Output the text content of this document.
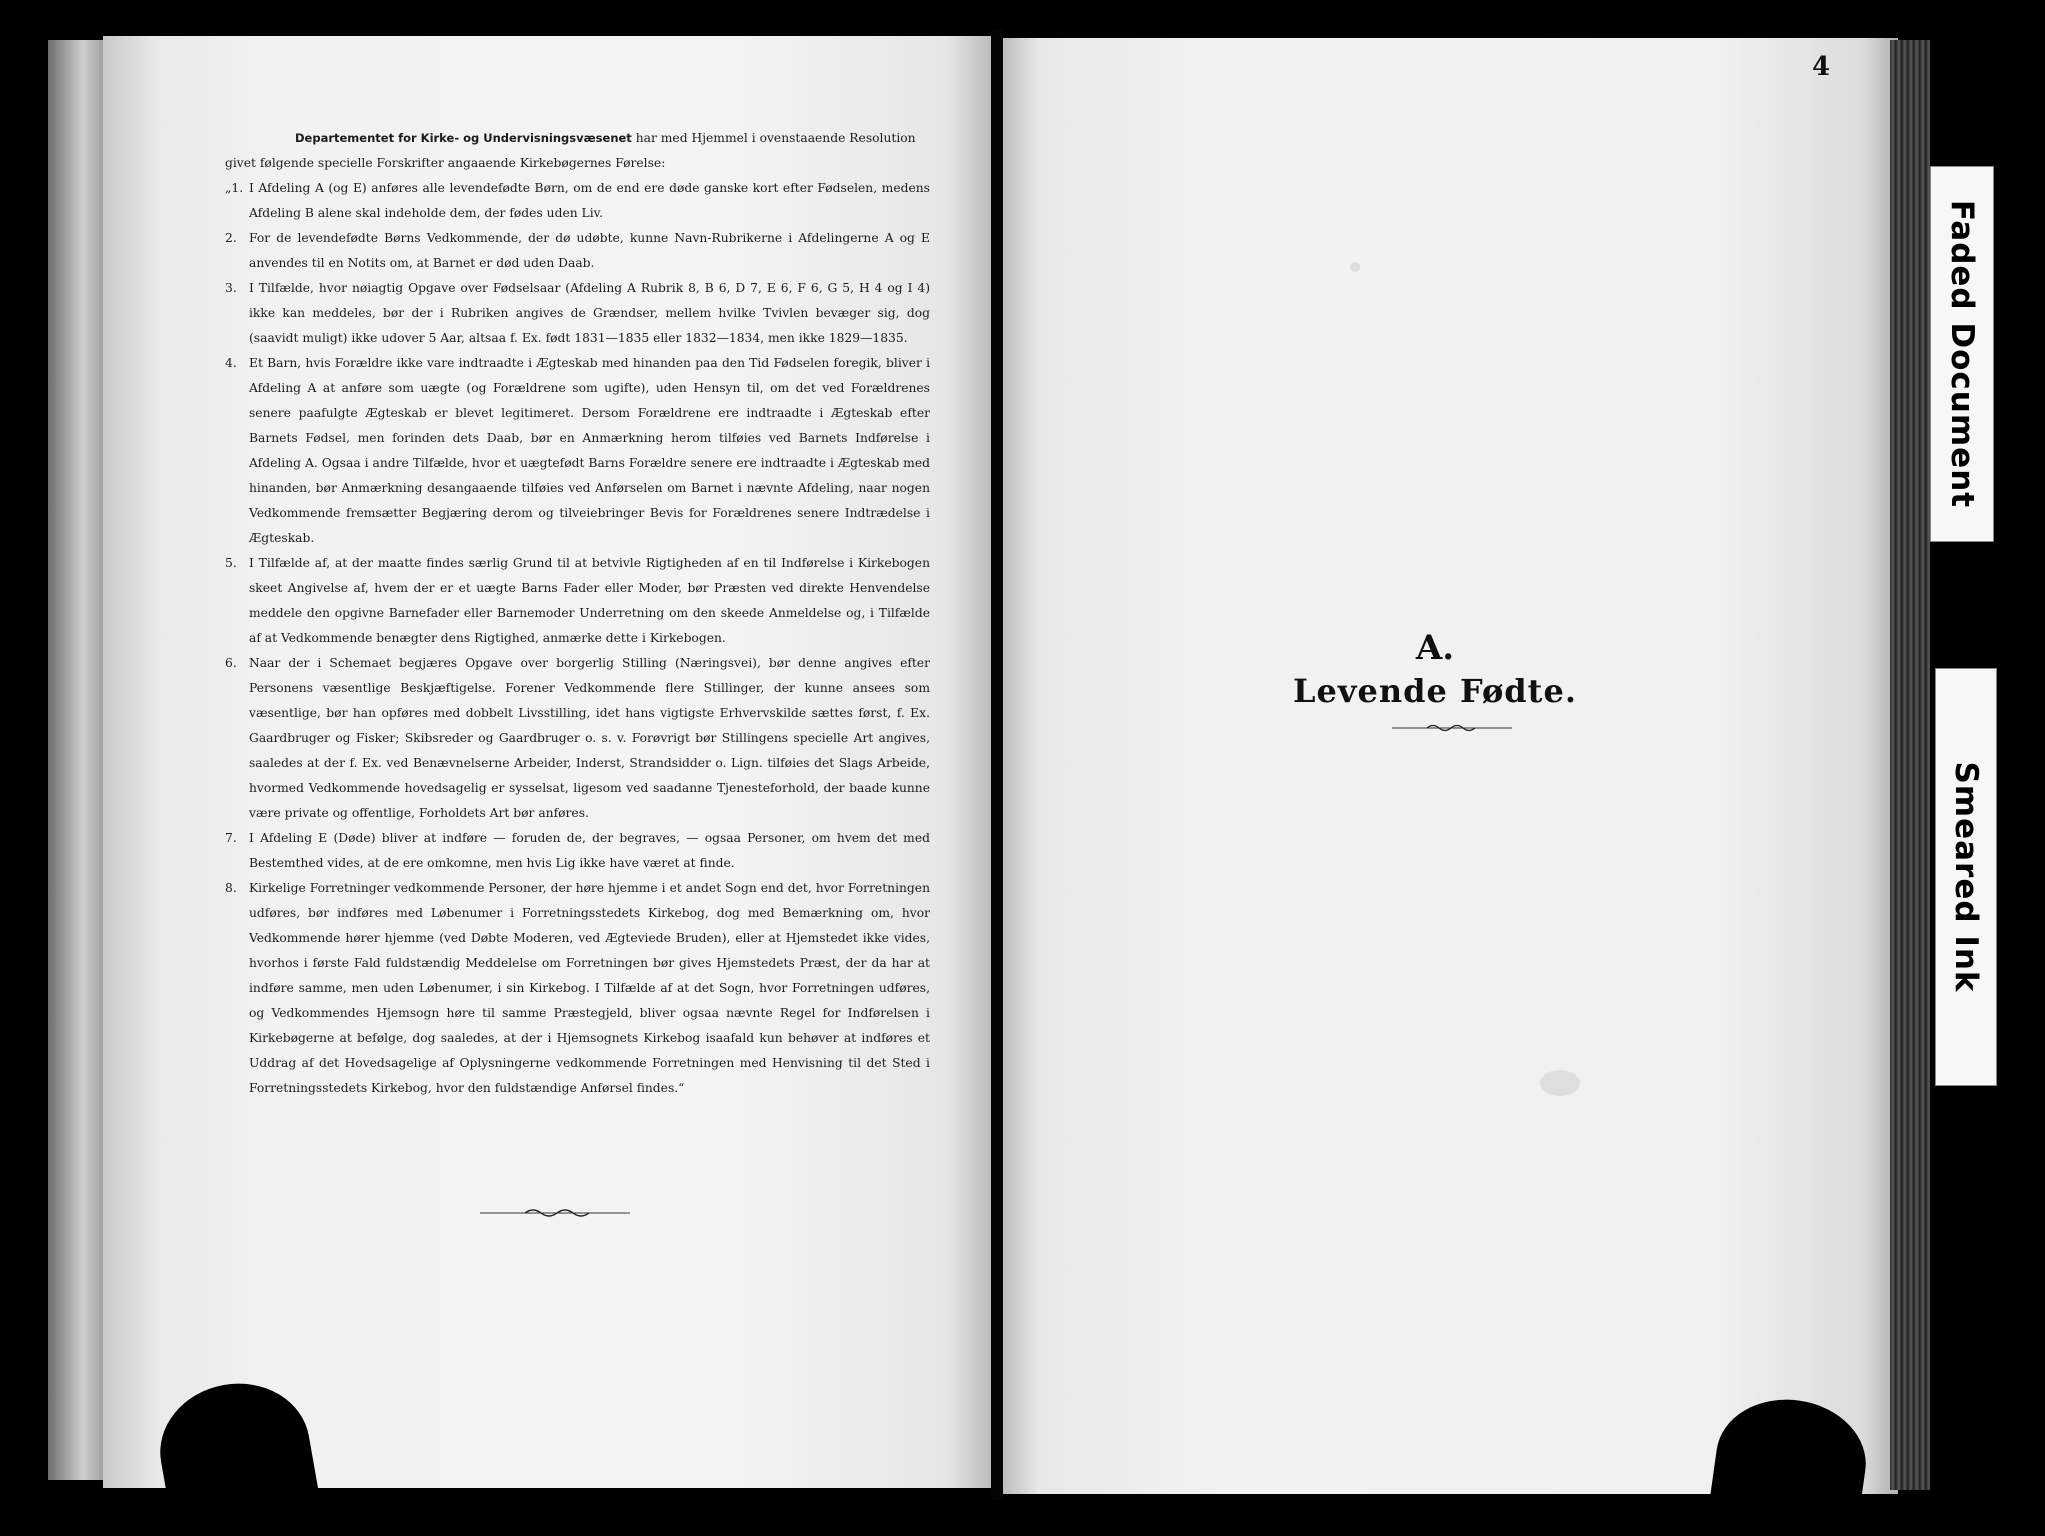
Departementet for Kirke- og Undervisningsvæsenet har med Hjemmel i ovenstaaende Resolution givet følgende specielle Forskrifter angaaende Kirkebøgernes Førelse:

„1. I Afdeling A (og E) anføres alle levendefødte Børn, om de end ere døde ganske kort efter Fødselen, medens Afdeling B alene skal indeholde dem, der fødes uden Liv.
2. For de levendefødte Børns Vedkommende, der dø udøbte, kunne Navn-Rubrikerne i Afdelingerne A og E anvendes til en Notits om, at Barnet er død uden Daab.
3. I Tilfælde, hvor nøiagtig Opgave over Fødselsaar (Afdeling A Rubrik 8, B 6, D 7, E 6, F 6, G 5, H 4 og I 4) ikke kan meddeles, bør der i Rubriken angives de Grændser, mellem hvilke Tvivlen bevæger sig, dog (saavidt muligt) ikke udover 5 Aar, altsaa f. Ex. født 1831—1835 eller 1832—1834, men ikke 1829—1835.
4. Et Barn, hvis Forældre ikke vare indtraadte i Ægteskab med hinanden paa den Tid Fødselen foregik, bliver i Afdeling A at anføre som uægte (og Forældrene som ugifte), uden Hensyn til, om det ved Forældrenes senere paafulgte Ægteskab er blevet legitimeret. Dersom Forældrene ere indtraadte i Ægteskab efter Barnets Fødsel, men forinden dets Daab, bør en Anmærkning herom tilføies ved Barnets Indførelse i Afdeling A. Ogsaa i andre Tilfælde, hvor et uægtefødt Barns Forældre senere ere indtraadte i Ægteskab med hinanden, bør Anmærkning desangaaende tilføies ved Anførselen om Barnet i nævnte Afdeling, naar nogen Vedkommende fremsætter Begjæring derom og tilveiebringer Bevis for Forældrenes senere Indtrædelse i Ægteskab.
5. I Tilfælde af, at der maatte findes særlig Grund til at betvivle Rigtigheden af en til Indførelse i Kirkebogen skeet Angivelse af, hvem der er et uægte Barns Fader eller Moder, bør Præsten ved direkte Henvendelse meddele den opgivne Barnefader eller Barnemoder Underretning om den skeede Anmeldelse og, i Tilfælde af at Vedkommende benægter dens Rigtighed, anmærke dette i Kirkebogen.
6. Naar der i Schemaet begjæres Opgave over borgerlig Stilling (Næringsvei), bør denne angives efter Personens væsentlige Beskjæftigelse. Forener Vedkommende flere Stillinger, der kunne ansees som væsentlige, bør han opføres med dobbelt Livsstilling, idet hans vigtigste Erhvervskilde sættes først, f. Ex. Gaardbruger og Fisker; Skibsreder og Gaardbruger o. s. v. Forøvrigt bør Stillingens specielle Art angives, saaledes at der f. Ex. ved Benævnelserne Arbeider, Inderst, Strandsidder o. Lign. tilføies det Slags Arbeide, hvormed Vedkommende hovedsagelig er sysselsat, ligesom ved saadanne Tjenesteforhold, der baade kunne være private og offentlige, Forholdets Art bør anføres.
7. I Afdeling E (Døde) bliver at indføre — foruden de, der begraves, — ogsaa Personer, om hvem det med Bestemthed vides, at de ere omkomne, men hvis Lig ikke have været at finde.
8. Kirkelige Forretninger vedkommende Personer, der høre hjemme i et andet Sogn end det, hvor Forretningen udføres, bør indføres med Løbenumer i Forretningsstedets Kirkebog, dog med Bemærkning om, hvor Vedkommende hører hjemme (ved Døbte Moderen, ved Ægteviede Bruden), eller at Hjemstedet ikke vides, hvorhos i første Fald fuldstændig Meddelelse om Forretningen bør gives Hjemstedets Præst, der da har at indføre samme, men uden Løbenumer, i sin Kirkebog. I Tilfælde af at det Sogn, hvor Forretningen udføres, og Vedkommendes Hjemsogn høre til samme Præstegjeld, bliver ogsaa nævnte Regel for Indførelsen i Kirkebøgerne at befølge, dog saaledes, at der i Hjemsognets Kirkebog isaafald kun behøver at indføres et Uddrag af det Hovedsagelige af Oplysningerne vedkommende Forretningen med Henvisning til det Sted i Forretningsstedets Kirkebog, hvor den fuldstændige Anførsel findes.“
4
A.
Levende Fødte.
Faded Document
Smeared Ink
